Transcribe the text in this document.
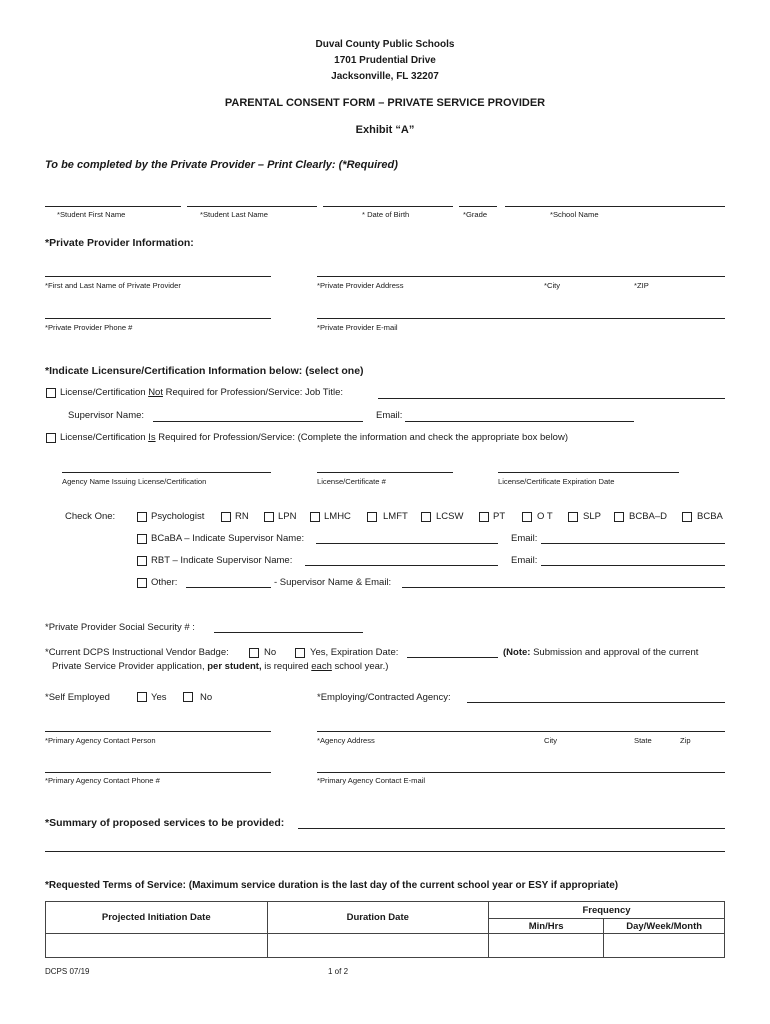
Duval County Public Schools
1701 Prudential Drive
Jacksonville, FL 32207
PARENTAL CONSENT FORM – PRIVATE SERVICE PROVIDER
Exhibit “A”
To be completed by the Private Provider – Print Clearly: (*Required)
*Student First Name	*Student Last Name	* Date of Birth	*Grade	*School Name
*Private Provider Information:
*First and Last Name of Private Provider	*Private Provider Address	*City	*ZIP
*Private Provider Phone #	*Private Provider E-mail
*Indicate Licensure/Certification Information below: (select one)
License/Certification Not Required for Profession/Service: Job Title:
Supervisor Name:	Email:
License/Certification Is Required for Profession/Service: (Complete the information and check the appropriate box below)
Agency Name Issuing License/Certification	License/Certificate #	License/Certificate Expiration Date
Check One:	Psychologist	RN	LPN	LMHC	LMFT	LCSW	PT	O T	SLP	BCBA–D	BCBA
BCaBA – Indicate Supervisor Name:	Email:
RBT – Indicate Supervisor Name:	Email:
Other:	- Supervisor Name & Email:
*Private Provider Social Security # :
*Current DCPS Instructional Vendor Badge:	No	Yes, Expiration Date:	(Note: Submission and approval of the current
Private Service Provider application, per student, is required each school year.)
*Self Employed	Yes	No	*Employing/Contracted Agency:
*Primary Agency Contact Person	*Agency Address	City	State	Zip
*Primary Agency Contact Phone #	*Primary Agency Contact E-mail
*Summary of proposed services to be provided:
*Requested Terms of Service: (Maximum service duration is the last day of the current school year or ESY if appropriate)
Projected Initiation Date	Duration Date	Frequency	
		Min/Hrs	Day/Week/Month

DCPS 07/19	1 of 2
